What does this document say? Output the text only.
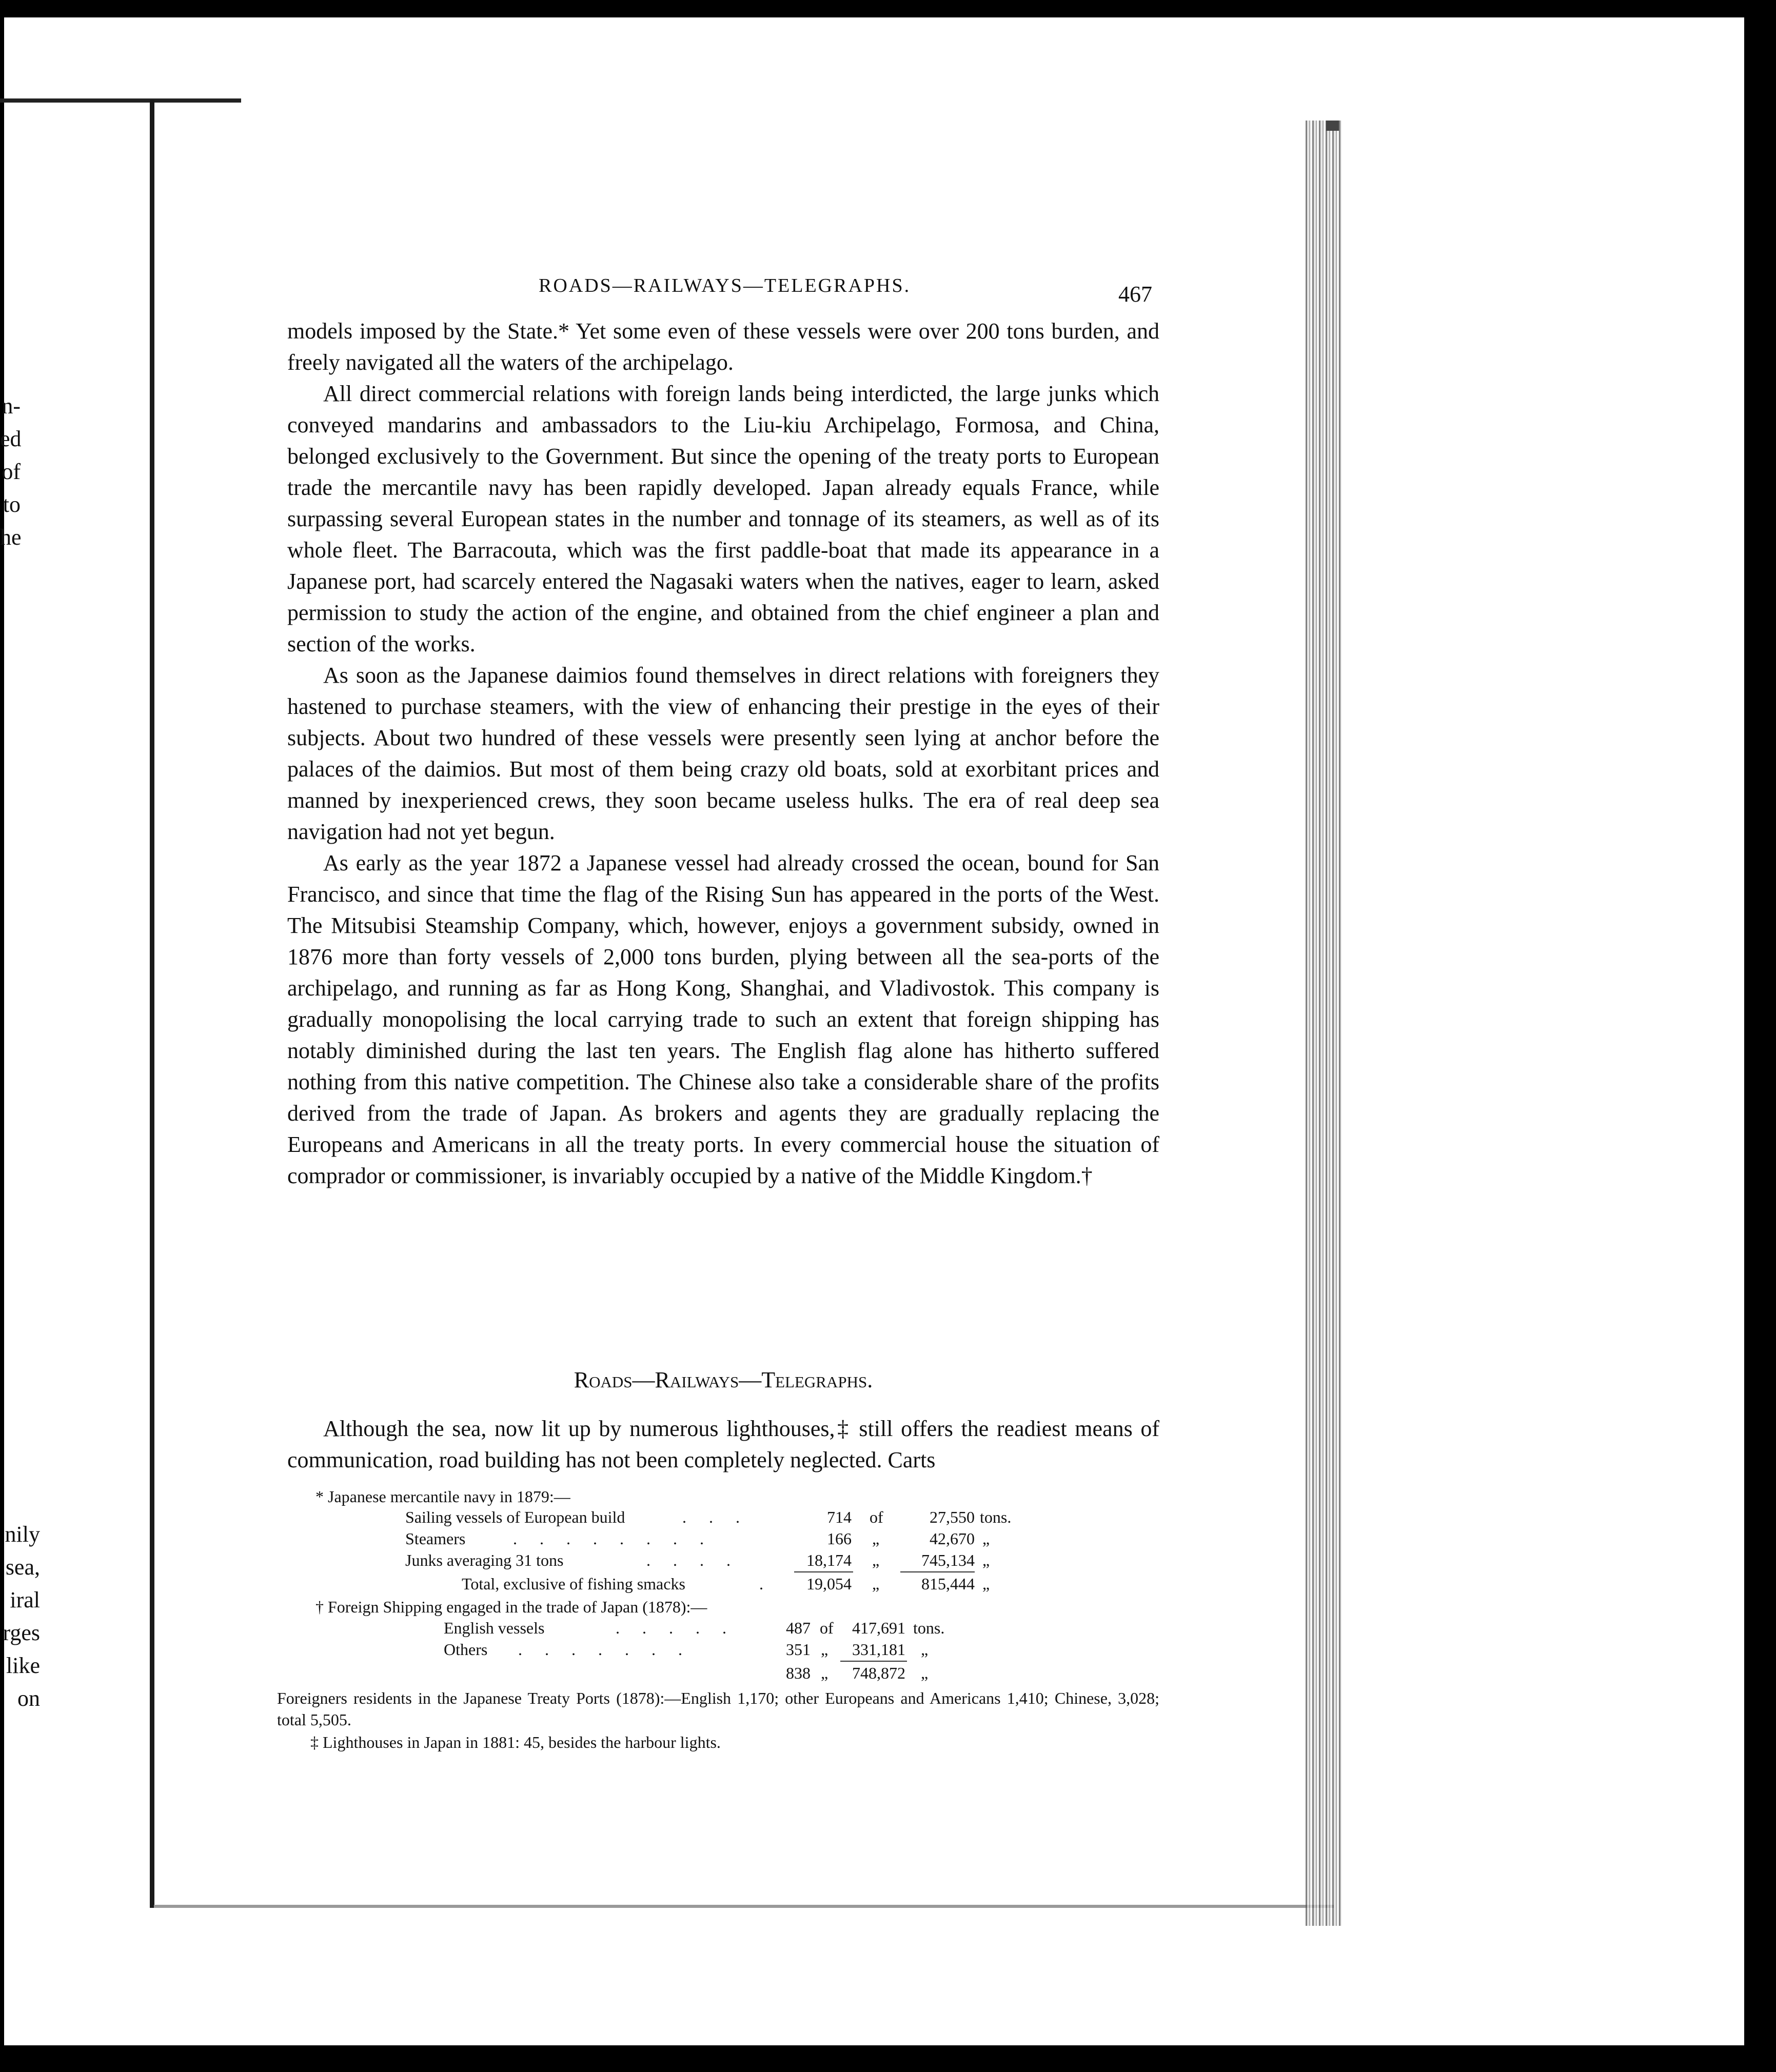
n-
ed
of
to
he
nily
sea,
iral
rges
like
on
ROADS—RAILWAYS—TELEGRAPHS.	467

models imposed by the State.* Yet some even of these vessels were over 200 tons burden, and freely navigated all the waters of the archipelago.

All direct commercial relations with foreign lands being interdicted, the large junks which conveyed mandarins and ambassadors to the Liu-kiu Archipelago, Formosa, and China, belonged exclusively to the Government. But since the opening of the treaty ports to European trade the mercantile navy has been rapidly developed. Japan already equals France, while surpassing several European states in the number and tonnage of its steamers, as well as of its whole fleet. The Barracouta, which was the first paddle-boat that made its appearance in a Japanese port, had scarcely entered the Nagasaki waters when the natives, eager to learn, asked permission to study the action of the engine, and obtained from the chief engineer a plan and section of the works.

As soon as the Japanese daimios found themselves in direct relations with foreigners they hastened to purchase steamers, with the view of enhancing their prestige in the eyes of their subjects. About two hundred of these vessels were presently seen lying at anchor before the palaces of the daimios. But most of them being crazy old boats, sold at exorbitant prices and manned by inexperienced crews, they soon became useless hulks. The era of real deep sea navigation had not yet begun.

As early as the year 1872 a Japanese vessel had already crossed the ocean, bound for San Francisco, and since that time the flag of the Rising Sun has appeared in the ports of the West. The Mitsubisi Steamship Company, which, however, enjoys a government subsidy, owned in 1876 more than forty vessels of 2,000 tons burden, plying between all the sea-ports of the archipelago, and running as far as Hong Kong, Shanghai, and Vladivostok. This company is gradually monopolising the local carrying trade to such an extent that foreign shipping has notably diminished during the last ten years. The English flag alone has hitherto suffered nothing from this native competition. The Chinese also take a considerable share of the profits derived from the trade of Japan. As brokers and agents they are gradually replacing the Europeans and Americans in all the treaty ports. In every commercial house the situation of comprador or commissioner, is invariably occupied by a native of the Middle Kingdom.†

Roads—Railways—Telegraphs.
Although the sea, now lit up by numerous lighthouses,‡ still offers the readiest means of communication, road building has not been completely neglected. Carts
* Japanese mercantile navy in 1879:—
Sailing vessels of European build	. . .	714 of	27,550 tons.
Steamers	. . . . . . . .	166 „	42,670 „
Junks averaging 31 tons	. . . .	18,174 „	745,134 „
Total, exclusive of fishing smacks	.	19,054 „	815,444 „
† Foreign Shipping engaged in the trade of Japan (1878):—
English vessels	. . . . .	487 of	417,691 tons.
Others . . . . . . .	351 „	331,181 „
838 „	748,872 „
Foreigners residents in the Japanese Treaty Ports (1878):—English 1,170; other Europeans and Americans 1,410; Chinese, 3,028; total 5,505.
‡ Lighthouses in Japan in 1881: 45, besides the harbour lights.
